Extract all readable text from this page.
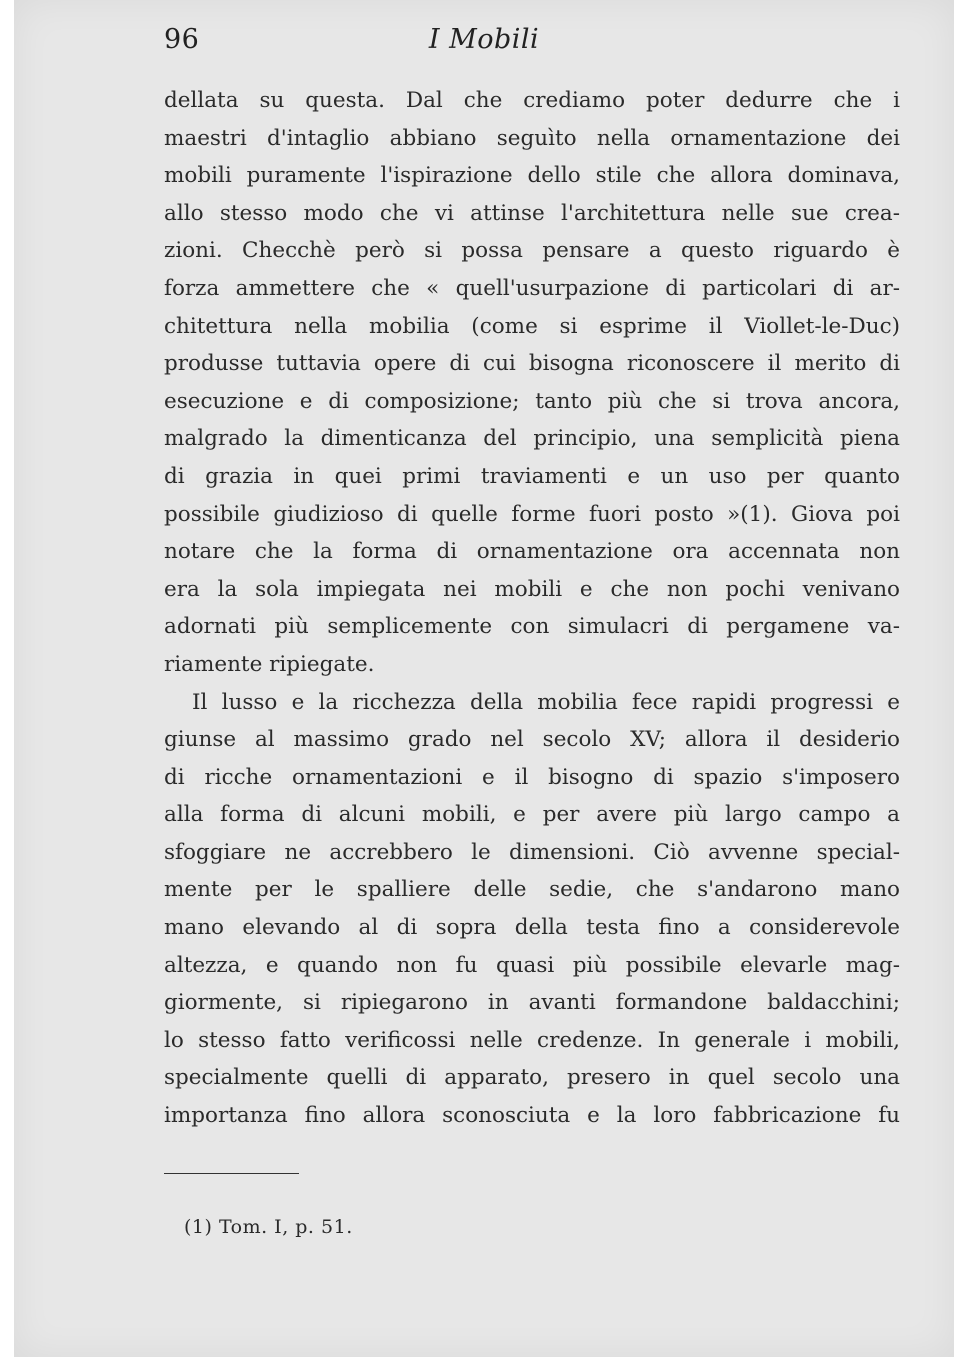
96	I Mobili
dellata su questa. Dal che crediamo poter dedurre che i
maestri d'intaglio abbiano seguìto nella ornamentazione dei
mobili puramente l'ispirazione dello stile che allora dominava,
allo stesso modo che vi attinse l'architettura nelle sue crea-
zioni. Checchè però si possa pensare a questo riguardo è
forza ammettere che « quell'usurpazione di particolari di ar-
chitettura nella mobilia (come si esprime il Viollet-le-Duc)
produsse tuttavia opere di cui bisogna riconoscere il merito di
esecuzione e di composizione; tanto più che si trova ancora,
malgrado la dimenticanza del principio, una semplicità piena
di grazia in quei primi traviamenti e un uso per quanto
possibile giudizioso di quelle forme fuori posto »(1). Giova poi
notare che la forma di ornamentazione ora accennata non
era la sola impiegata nei mobili e che non pochi venivano
adornati più semplicemente con simulacri di pergamene va-
riamente ripiegate.
Il lusso e la ricchezza della mobilia fece rapidi progressi e
giunse al massimo grado nel secolo XV; allora il desiderio
di ricche ornamentazioni e il bisogno di spazio s'imposero
alla forma di alcuni mobili, e per avere più largo campo a
sfoggiare ne accrebbero le dimensioni. Ciò avvenne special-
mente per le spalliere delle sedie, che s'andarono mano
mano elevando al di sopra della testa fino a considerevole
altezza, e quando non fu quasi più possibile elevarle mag-
giormente, si ripiegarono in avanti formandone baldacchini;
lo stesso fatto verificossi nelle credenze. In generale i mobili,
specialmente quelli di apparato, presero in quel secolo una
importanza fino allora sconosciuta e la loro fabbricazione fu
(1) Tom. I, p. 51.
